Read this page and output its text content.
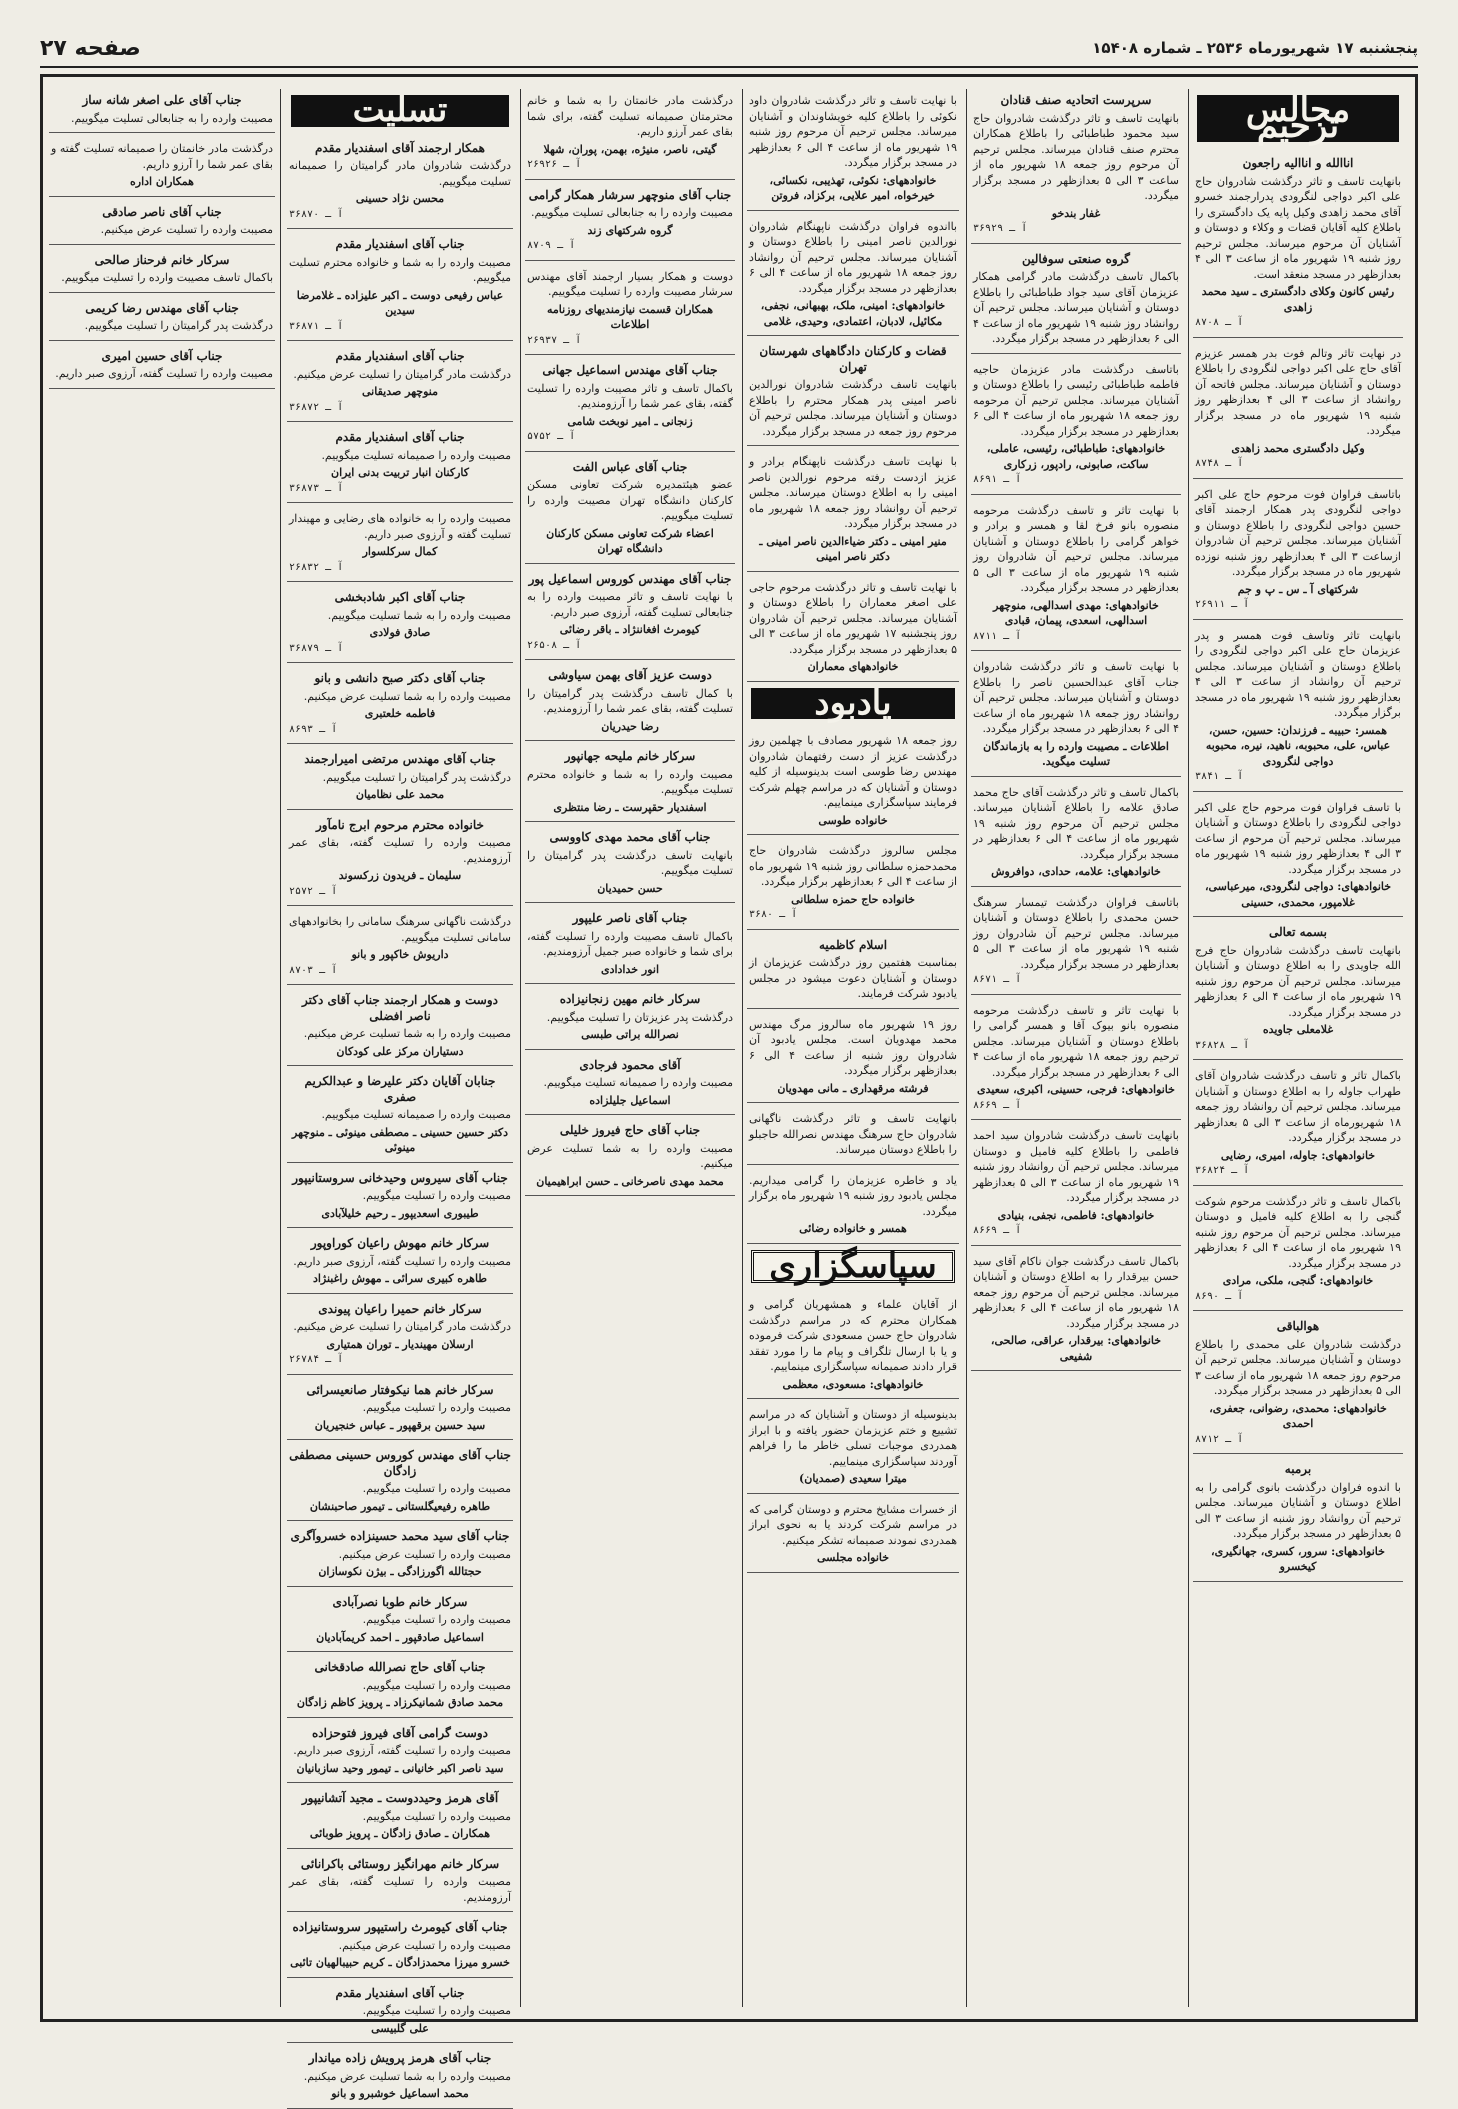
پنجشنبه ۱۷ شهریورماه ۲۵۳۶ ـ شماره ۱۵۴۰۸
صفحه ۲۷
مجالس ترحیم
اناالله و اناالیه راجعون
بانهایت تاسف و تاثر درگذشت شادروان حاج علی اکبر دواجی لنگرودی پدرارجمند خسرو آقای محمد زاهدی وکیل پایه یک دادگستری را باطلاع کلیه آقایان قضات و وکلاء و دوستان و آشنایان آن مرحوم میرساند. مجلس ترحیم روز شنبه ۱۹ شهریور ماه از ساعت ۳ الی ۴ بعدازظهر در مسجد منعقد است.
رئیس کانون وکلای دادگستری ـ سید محمد زاهدی
آ ـ ۸۷۰۸
در نهایت تاثر وتالم فوت بدر همسر عزیزم آقای حاج علی اکبر دواجی لنگرودی را باطلاع دوستان و آشنایان میرساند. مجلس فاتحه آن روانشاد از ساعت ۳ الی ۴ بعدازظهر روز شنبه ۱۹ شهریور ماه در مسجد برگزار میگردد.
وکیل دادگستری محمد زاهدی
آ ـ ۸۷۴۸
باتاسف فراوان فوت مرحوم حاج علی اکبر دواجی لنگرودی پدر همکار ارجمند آقای حسین دواجی لنگرودی را باطلاع دوستان و آشنایان میرساند. مجلس ترحیم آن شادروان ازساعت ۳ الی ۴ بعدازظهر روز شنبه نوزده شهریور ماه در مسجد برگزار میگردد.
شرکتهای آ ـ س ـ پ و جم
آ ـ ۲۶۹۱۱
بانهایت تاثر وتاسف فوت همسر و پدر عزیزمان حاج علی اکبر دواجی لنگرودی را باطلاع دوستان و آشنایان میرساند. مجلس ترحیم آن روانشاد از ساعت ۳ الی ۴ بعدازظهر روز شنبه ۱۹ شهریور ماه در مسجد برگزار میگردد.
همسر: حبیبه ـ فرزندان: حسین، حسن، عباس، علی، محبوبه، ناهید، نیره، محبوبه دواجی لنگرودی
آ ـ ۳۸۴۱
با تاسف فراوان فوت مرحوم حاج علی اکبر دواجی لنگرودی را باطلاع دوستان و آشنایان میرساند. مجلس ترحیم آن مرحوم از ساعت ۳ الی ۴ بعدازظهر روز شنبه ۱۹ شهریور ماه در مسجد برگزار میگردد.
خانوادههای: دواجی لنگرودی، میرعباسی، غلامپور، محمدی، حسینی
بسمه تعالی
بانهایت تاسف درگذشت شادروان حاج فرج الله جاویدی را به اطلاع دوستان و آشنایان میرساند. مجلس ترحیم آن مرحوم روز شنبه ۱۹ شهریور ماه از ساعت ۴ الی ۶ بعدازظهر در مسجد برگزار میگردد.
غلامعلی جاویده
آ ـ ۳۶۸۲۸
باکمال تاثر و تاسف درگذشت شادروان آقای طهراب جاوله را به اطلاع دوستان و آشنایان میرساند. مجلس ترحیم آن روانشاد روز جمعه ۱۸ شهریورماه از ساعت ۳ الی ۵ بعدازظهر در مسجد برگزار میگردد.
خانوادههای: جاوله، امیری، رضایی
آ ـ ۳۶۸۲۴
باکمال تاسف و تاثر درگذشت مرحوم شوکت گنجی را به اطلاع کلیه فامیل و دوستان میرساند. مجلس ترحیم آن مرحوم روز شنبه ۱۹ شهریور ماه از ساعت ۴ الی ۶ بعدازظهر در مسجد برگزار میگردد.
خانوادههای: گنجی، ملکی، مرادی
آ ـ ۸۶۹۰
هوالباقی
درگذشت شادروان علی محمدی را باطلاع دوستان و آشنایان میرساند. مجلس ترحیم آن مرحوم روز جمعه ۱۸ شهریور ماه از ساعت ۳ الی ۵ بعدازظهر در مسجد برگزار میگردد.
خانوادههای: محمدی، رضوانی، جعفری، احمدی
آ ـ ۸۷۱۲
برمبه
با اندوه فراوان درگذشت بانوی گرامی را به اطلاع دوستان و آشنایان میرساند. مجلس ترحیم آن روانشاد روز شنبه از ساعت ۳ الی ۵ بعدازظهر در مسجد برگزار میگردد.
خانوادههای: سرور، کسری، جهانگیری، کیخسرو
سرپرست اتحادیه صنف قنادان
بانهایت تاسف و تاثر درگذشت شادروان حاج سید محمود طباطبائی را باطلاع همکاران محترم صنف قنادان میرساند. مجلس ترحیم آن مرحوم روز جمعه ۱۸ شهریور ماه از ساعت ۳ الی ۵ بعدازظهر در مسجد برگزار میگردد.
غفار بندخو
آ ـ ۳۶۹۲۹
گروه صنعتی سوفالین
باکمال تاسف درگذشت مادر گرامی همکار عزیزمان آقای سید جواد طباطبائی را باطلاع دوستان و آشنایان میرساند. مجلس ترحیم آن روانشاد روز شنبه ۱۹ شهریور ماه از ساعت ۴ الی ۶ بعدازظهر در مسجد برگزار میگردد.
باتاسف درگذشت مادر عزیزمان حاجیه فاطمه طباطبائی رئیسی را باطلاع دوستان و آشنایان میرساند. مجلس ترحیم آن مرحومه روز جمعه ۱۸ شهریور ماه از ساعت ۴ الی ۶ بعدازظهر در مسجد برگزار میگردد.
خانوادههای: طباطبائی، رئیسی، عاملی، ساکت، صابونی، رادپور، زرکاری
آ ـ ۸۶۹۱
با نهایت تاثر و تاسف درگذشت مرحومه منصوره بانو فرخ لقا و همسر و برادر و خواهر گرامی را باطلاع دوستان و آشنایان میرساند. مجلس ترحیم آن شادروان روز شنبه ۱۹ شهریور ماه از ساعت ۳ الی ۵ بعدازظهر در مسجد برگزار میگردد.
خانوادههای: مهدی اسدالهی، منوچهر اسدالهی، اسعدی، پیمان، قبادی
آ ـ ۸۷۱۱
با نهایت تاسف و تاثر درگذشت شادروان جناب آقای عبدالحسین ناصر را باطلاع دوستان و آشنایان میرساند. مجلس ترحیم آن روانشاد روز جمعه ۱۸ شهریور ماه از ساعت ۴ الی ۶ بعدازظهر در مسجد برگزار میگردد.
اطلاعات ـ مصیبت وارده را به بازماندگان تسلیت میگوید.
باکمال تاسف و تاثر درگذشت آقای حاج محمد صادق علامه را باطلاع آشنایان میرساند. مجلس ترحیم آن مرحوم روز شنبه ۱۹ شهریور ماه از ساعت ۴ الی ۶ بعدازظهر در مسجد برگزار میگردد.
خانوادههای: علامه، حدادی، دوافروش
باتاسف فراوان درگذشت تیمسار سرهنگ حسن محمدی را باطلاع دوستان و آشنایان میرساند. مجلس ترحیم آن شادروان روز شنبه ۱۹ شهریور ماه از ساعت ۳ الی ۵ بعدازظهر در مسجد برگزار میگردد.
آ ـ ۸۶۷۱
با نهایت تاثر و تاسف درگذشت مرحومه منصوره بانو بیوک آقا و همسر گرامی را باطلاع دوستان و آشنایان میرساند. مجلس ترحیم روز جمعه ۱۸ شهریور ماه از ساعت ۴ الی ۶ بعدازظهر در مسجد برگزار میگردد.
خانوادههای: فرجی، حسینی، اکبری، سعیدی
آ ـ ۸۶۶۹
بانهایت تاسف درگذشت شادروان سید احمد فاطمی را باطلاع کلیه فامیل و دوستان میرساند. مجلس ترحیم آن روانشاد روز شنبه ۱۹ شهریور ماه از ساعت ۳ الی ۵ بعدازظهر در مسجد برگزار میگردد.
خانوادههای: فاطمی، نجفی، بنیادی
آ ـ ۸۶۶۹
باکمال تاسف درگذشت جوان ناکام آقای سید حسن بیرقدار را به اطلاع دوستان و آشنایان میرساند. مجلس ترحیم آن مرحوم روز جمعه ۱۸ شهریور ماه از ساعت ۴ الی ۶ بعدازظهر در مسجد برگزار میگردد.
خانوادههای: بیرقدار، عراقی، صالحی، شفیعی
با نهایت تاسف و تاثر درگذشت شادروان داود نکوئی را باطلاع کلیه خویشاوندان و آشنایان میرساند. مجلس ترحیم آن مرحوم روز شنبه ۱۹ شهریور ماه از ساعت ۴ الی ۶ بعدازظهر در مسجد برگزار میگردد.
خانوادههای: نکوئی، تهذیبی، نکسائی، خیرخواه، امیر علایی، برکزاد، فروتن
بااندوه فراوان درگذشت ناپهنگام شادروان نورالدین ناصر امینی را باطلاع دوستان و آشنایان میرساند. مجلس ترحیم آن روانشاد روز جمعه ۱۸ شهریور ماه از ساعت ۴ الی ۶ بعدازظهر در مسجد برگزار میگردد.
خانوادههای: امینی، ملک، بهبهانی، نجفی، مکائیل، لادبان، اعتمادی، وحیدی، غلامی
قضات و کارکنان دادگاههای شهرستان تهران
بانهایت تاسف درگذشت شادروان نورالدین ناصر امینی پدر همکار محترم را باطلاع دوستان و آشنایان میرساند. مجلس ترحیم آن مرحوم روز جمعه در مسجد برگزار میگردد.
با نهایت تاسف درگذشت ناپهنگام برادر و عزیز ازدست رفته مرحوم نورالدین ناصر امینی را به اطلاع دوستان میرساند. مجلس ترحیم آن روانشاد روز جمعه ۱۸ شهریور ماه در مسجد برگزار میگردد.
منیر امینی ـ دکتر ضیاءالدین ناصر امینی ـ دکتر ناصر امینی
با نهایت تاسف و تاثر درگذشت مرحوم حاجی علی اصغر معماران را باطلاع دوستان و آشنایان میرساند. مجلس ترحیم آن شادروان روز پنجشنبه ۱۷ شهریور ماه از ساعت ۳ الی ۵ بعدازظهر در مسجد برگزار میگردد.
خانوادههای معماران
یادبود
روز جمعه ۱۸ شهریور مصادف با چهلمین روز درگذشت عزیز از دست رفتهمان شادروان مهندس رضا طوسی است بدینوسیله از کلیه دوستان و آشنایان که در مراسم چهلم شرکت فرمایند سپاسگزاری مینماییم.
خانواده طوسی
مجلس سالروز درگذشت شادروان حاج محمدحمزه سلطانی روز شنبه ۱۹ شهریور ماه از ساعت ۴ الی ۶ بعدازظهر برگزار میگردد.
خانواده حاج حمزه سلطانی
آ ـ ۳۶۸۰
اسلام کاظمیه
بمناسبت هفتمین روز درگذشت عزیزمان از دوستان و آشنایان دعوت میشود در مجلس یادبود شرکت فرمایند.
روز ۱۹ شهریور ماه سالروز مرگ مهندس محمد مهدویان است. مجلس یادبود آن شادروان روز شنبه از ساعت ۴ الی ۶ بعدازظهر برگزار میگردد.
فرشته مرقهداری ـ مانی مهدویان
بانهایت تاسف و تاثر درگذشت ناگهانی شادروان حاج سرهنگ مهندس نصرالله حاجبلو را باطلاع دوستان میرساند.
یاد و خاطره عزیزمان را گرامی میداریم. مجلس یادبود روز شنبه ۱۹ شهریور ماه برگزار میگردد.
همسر و خانواده رضائی
سپاسگزاری
از آقایان علماء و همشهریان گرامی و همکاران محترم که در مراسم درگذشت شادروان حاج حسن مسعودی شرکت فرموده و یا با ارسال تلگراف و پیام ما را مورد تفقد قرار دادند صمیمانه سپاسگزاری مینماییم.
خانوادههای: مسعودی، معظمی
بدینوسیله از دوستان و آشنایان که در مراسم تشییع و ختم عزیزمان حضور یافته و با ابراز همدردی موجبات تسلی خاطر ما را فراهم آوردند سپاسگزاری مینماییم.
میترا سعیدی (صمدیان)
از خسرات مشایخ محترم و دوستان گرامی که در مراسم شرکت کردند یا به نحوی ابراز همدردی نمودند صمیمانه تشکر میکنیم.
خانواده مجلسی
درگذشت مادر خانمتان را به شما و خانم محترمتان صمیمانه تسلیت گفته، برای شما بقای عمر آرزو داریم.
گیتی، ناصر، منیژه، بهمن، پوران، شهلا
آ ـ ۲۶۹۲۶
جناب آقای منوچهر سرشار همکار گرامی
مصیبت وارده را به جنابعالی تسلیت میگوییم.
گروه شرکتهای زند
آ ـ ۸۷۰۹
دوست و همکار بسیار ارجمند آقای مهندس سرشار مصیبت وارده را تسلیت میگوییم.
همکاران قسمت نیازمندیهای روزنامه اطلاعات
آ ـ ۲۶۹۳۷
جناب آقای مهندس اسماعیل جهانی
باکمال تاسف و تاثر مصیبت وارده را تسلیت گفته، بقای عمر شما را آرزومندیم.
زنجانی ـ امیر نوبخت شامی
آ ـ ۵۷۵۲
جناب آقای عباس الفت
عضو هیئتمدیره شرکت تعاونی مسکن کارکنان دانشگاه تهران مصیبت وارده را تسلیت میگوییم.
اعضاء شرکت تعاونی مسکن کارکنان دانشگاه تهران
جناب آقای مهندس کوروس اسماعیل پور
با نهایت تاسف و تاثر مصیبت وارده را به جنابعالی تسلیت گفته، آرزوی صبر داریم.
کیومرث افغاننژاد ـ باقر رضائی
آ ـ ۲۶۵۰۸
دوست عزیز آقای بهمن سیاوشی
با کمال تاسف درگذشت پدر گرامیتان را تسلیت گفته، بقای عمر شما را آرزومندیم.
رضا حیدریان
سرکار خانم ملیحه جهانپور
مصیبت وارده را به شما و خانواده محترم تسلیت میگوییم.
اسفندیار حقپرست ـ رضا منتظری
جناب آقای محمد مهدی کاووسی
بانهایت تاسف درگذشت پدر گرامیتان را تسلیت میگوییم.
حسن حمیدیان
جناب آقای ناصر علیپور
باکمال تاسف مصیبت وارده را تسلیت گفته، برای شما و خانواده صبر جمیل آرزومندیم.
انور خدادادی
سرکار خانم مهین زنجانیزاده
درگذشت پدر عزیزتان را تسلیت میگوییم.
نصرالله براتی طبسی
آقای محمود فرجادی
مصیبت وارده را صمیمانه تسلیت میگوییم.
اسماعیل جلیلزاده
جناب آقای حاج فیروز خلیلی
مصیبت وارده را به شما تسلیت عرض میکنیم.
محمد مهدی ناصرخانی ـ حسن ابراهیمیان
تسلیت
همکار ارجمند آقای اسفندیار مقدم
درگذشت شادروان مادر گرامیتان را صمیمانه تسلیت میگوییم.
محسن نژاد حسینی
آ ـ ۳۶۸۷۰
جناب آقای اسفندیار مقدم
مصیبت وارده را به شما و خانواده محترم تسلیت میگوییم.
عباس رفیعی دوست ـ اکبر علیزاده ـ غلامرضا سیدین
آ ـ ۳۶۸۷۱
جناب آقای اسفندیار مقدم
درگذشت مادر گرامیتان را تسلیت عرض میکنیم.
منوچهر صدیقانی
آ ـ ۳۶۸۷۲
جناب آقای اسفندیار مقدم
مصیبت وارده را صمیمانه تسلیت میگوییم.
کارکنان انبار تربیت بدنی ایران
آ ـ ۳۶۸۷۳
مصیبت وارده را به خانواده های رضایی و مهیندار تسلیت گفته و آرزوی صبر داریم.
کمال سرکلسوار
آ ـ ۲۶۸۳۲
جناب آقای اکبر شادبخشی
مصیبت وارده را به شما تسلیت میگوییم.
صادق فولادی
آ ـ ۳۶۸۷۹
جناب آقای دکتر صبح دانشی و بانو
مصیبت وارده را به شما تسلیت عرض میکنیم.
فاطمه خلعتبری
آ ـ ۸۶۹۳
جناب آقای مهندس مرتضی امیرارجمند
درگذشت پدر گرامیتان را تسلیت میگوییم.
محمد علی نظامیان
خانواده محترم مرحوم ابرج نامآور
مصیبت وارده را تسلیت گفته، بقای عمر آرزومندیم.
سلیمان ـ فریدون زرکسوند
آ ـ ۲۵۷۲
درگذشت ناگهانی سرهنگ سامانی را بخانوادههای سامانی تسلیت میگوییم.
داریوش خاکپور و بانو
آ ـ ۸۷۰۳
دوست و همکار ارجمند جناب آقای دکتر ناصر افضلی
مصیبت وارده را به شما تسلیت عرض میکنیم.
دستیاران مرکز علی کودکان
جنابان آقایان دکتر علیرضا و عبدالکریم صفری
مصیبت وارده را صمیمانه تسلیت میگوییم.
دکتر حسین حسینی ـ مصطفی مینوئی ـ منوچهر مینوئی
جناب آقای سیروس وحیدخانی سروستانیپور
مصیبت وارده را تسلیت میگوییم.
طیبوری اسعدیپور ـ رحیم خلیلآبادی
سرکار خانم مهوش راعیان کوراوپور
مصیبت وارده را تسلیت گفته، آرزوی صبر داریم.
طاهره کبیری سرائی ـ مهوش راغبنژاد
سرکار خانم حمیرا راعیان پیوندی
درگذشت مادر گرامیتان را تسلیت عرض میکنیم.
ارسلان مهیندیار ـ توران همتیاری
آ ـ ۲۶۷۸۴
سرکار خانم هما نیکوفتار صانعیسرائی
مصیبت وارده را تسلیت میگوییم.
سید حسین برقهپور ـ عباس خنجیریان
جناب آقای مهندس کوروس حسینی مصطفی زادگان
مصیبت وارده را تسلیت میگوییم.
طاهره رفیعیگلستانی ـ تیمور صاحبنشان
جناب آقای سید محمد حسینزاده خسروآگری
مصیبت وارده را تسلیت عرض میکنیم.
حجتالله اگورزادگی ـ بیژن نکوسازان
سرکار خانم طوبا نصرآبادی
مصیبت وارده را تسلیت میگوییم.
اسماعیل صادقپور ـ احمد کریمآبادیان
جناب آقای حاج نصرالله صادقخانی
مصیبت وارده را تسلیت میگوییم.
محمد صادق شمانیکرزاد ـ پرویز کاظم زادگان
دوست گرامی آقای فیروز فتوحزاده
مصیبت وارده را تسلیت گفته، آرزوی صبر داریم.
سید ناصر اکبر خانیانی ـ تیمور وحید سازبانیان
آقای هرمز وحیددوست ـ مجید آتشانیپور
مصیبت وارده را تسلیت میگوییم.
همکاران ـ صادق زادگان ـ پرویز طوبائی
سرکار خانم مهرانگیز روستائی باکرانائی
مصیبت وارده را تسلیت گفته، بقای عمر آرزومندیم.
جناب آقای کیومرث راستیپور سروستانیزاده
مصیبت وارده را تسلیت عرض میکنیم.
خسرو میرزا محمدزادگان ـ کریم حبیبالهیان تائبی
جناب آقای اسفندیار مقدم
مصیبت وارده را تسلیت میگوییم.
علی گلبیسی
جناب آقای هرمز پرویش زاده میاندار
مصیبت وارده را به شما تسلیت عرض میکنیم.
محمد اسماعیل خوشبرو و بانو
جناب آقای علی اصغر شانه ساز
مصیبت وارده را به جنابعالی تسلیت میگوییم.
درگذشت مادر خانمتان را صمیمانه تسلیت گفته و بقای عمر شما را آرزو داریم.
همکاران اداره
جناب آقای ناصر صادقی
مصیبت وارده را تسلیت عرض میکنیم.
سرکار خانم فرحناز صالحی
باکمال تاسف مصیبت وارده را تسلیت میگوییم.
جناب آقای مهندس رضا کریمی
درگذشت پدر گرامیتان را تسلیت میگوییم.
جناب آقای حسین امیری
مصیبت وارده را تسلیت گفته، آرزوی صبر داریم.
